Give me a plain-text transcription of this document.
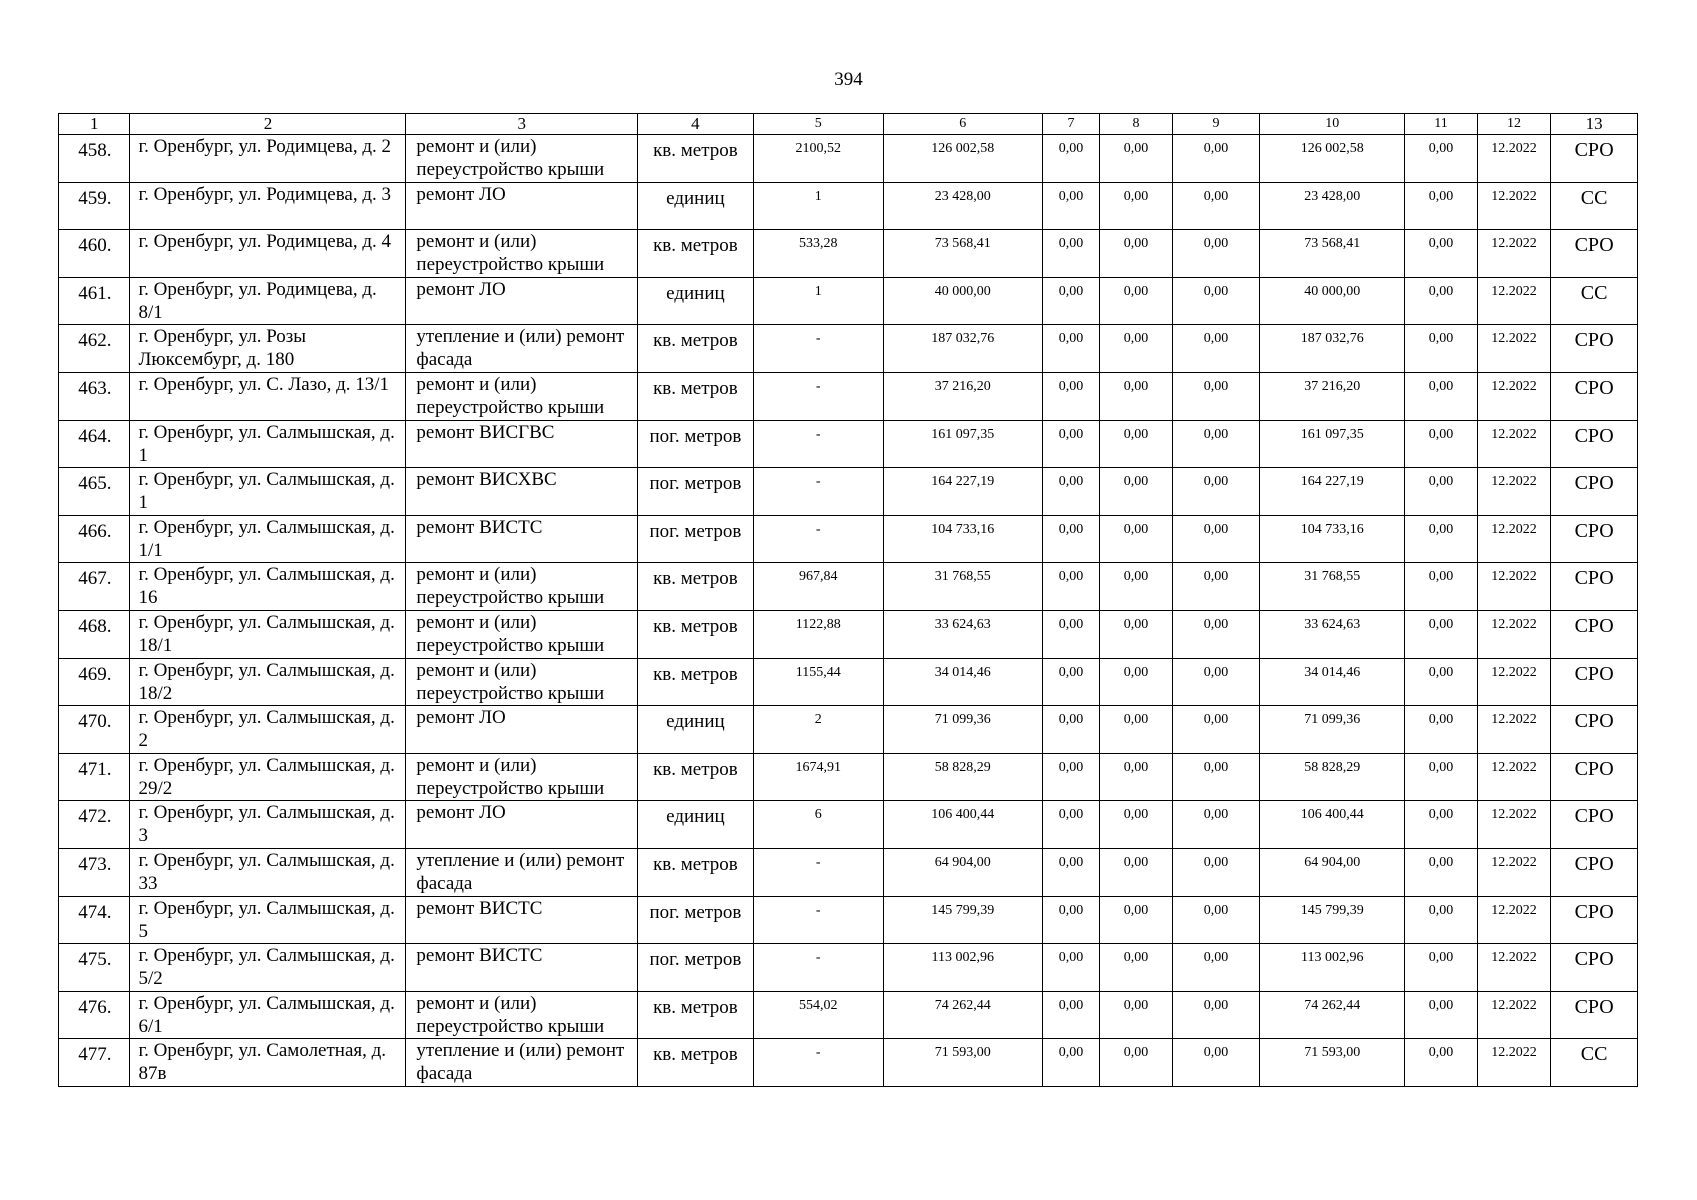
394
1	2	3	4	5	6	7	8	9	10	11	12	13
458.	г. Оренбург, ул. Родимцева, д. 2	ремонт и (или) переустройство крыши	кв. метров	2100,52	126 002,58	0,00	0,00	0,00	126 002,58	0,00	12.2022	СРО
459.	г. Оренбург, ул. Родимцева, д. 3	ремонт ЛО	единиц	1	23 428,00	0,00	0,00	0,00	23 428,00	0,00	12.2022	СС
460.	г. Оренбург, ул. Родимцева, д. 4	ремонт и (или) переустройство крыши	кв. метров	533,28	73 568,41	0,00	0,00	0,00	73 568,41	0,00	12.2022	СРО
461.	г. Оренбург, ул. Родимцева, д. 8/1	ремонт ЛО	единиц	1	40 000,00	0,00	0,00	0,00	40 000,00	0,00	12.2022	СС
462.	г. Оренбург, ул. Розы Люксембург, д. 180	утепление и (или) ремонт фасада	кв. метров	-	187 032,76	0,00	0,00	0,00	187 032,76	0,00	12.2022	СРО
463.	г. Оренбург, ул. С. Лазо, д. 13/1	ремонт и (или) переустройство крыши	кв. метров	-	37 216,20	0,00	0,00	0,00	37 216,20	0,00	12.2022	СРО
464.	г. Оренбург, ул. Салмышская, д. 1	ремонт ВИСГВС	пог. метров	-	161 097,35	0,00	0,00	0,00	161 097,35	0,00	12.2022	СРО
465.	г. Оренбург, ул. Салмышская, д. 1	ремонт ВИСХВС	пог. метров	-	164 227,19	0,00	0,00	0,00	164 227,19	0,00	12.2022	СРО
466.	г. Оренбург, ул. Салмышская, д. 1/1	ремонт ВИСТС	пог. метров	-	104 733,16	0,00	0,00	0,00	104 733,16	0,00	12.2022	СРО
467.	г. Оренбург, ул. Салмышская, д. 16	ремонт и (или) переустройство крыши	кв. метров	967,84	31 768,55	0,00	0,00	0,00	31 768,55	0,00	12.2022	СРО
468.	г. Оренбург, ул. Салмышская, д. 18/1	ремонт и (или) переустройство крыши	кв. метров	1122,88	33 624,63	0,00	0,00	0,00	33 624,63	0,00	12.2022	СРО
469.	г. Оренбург, ул. Салмышская, д. 18/2	ремонт и (или) переустройство крыши	кв. метров	1155,44	34 014,46	0,00	0,00	0,00	34 014,46	0,00	12.2022	СРО
470.	г. Оренбург, ул. Салмышская, д. 2	ремонт ЛО	единиц	2	71 099,36	0,00	0,00	0,00	71 099,36	0,00	12.2022	СРО
471.	г. Оренбург, ул. Салмышская, д. 29/2	ремонт и (или) переустройство крыши	кв. метров	1674,91	58 828,29	0,00	0,00	0,00	58 828,29	0,00	12.2022	СРО
472.	г. Оренбург, ул. Салмышская, д. 3	ремонт ЛО	единиц	6	106 400,44	0,00	0,00	0,00	106 400,44	0,00	12.2022	СРО
473.	г. Оренбург, ул. Салмышская, д. 33	утепление и (или) ремонт фасада	кв. метров	-	64 904,00	0,00	0,00	0,00	64 904,00	0,00	12.2022	СРО
474.	г. Оренбург, ул. Салмышская, д. 5	ремонт ВИСТС	пог. метров	-	145 799,39	0,00	0,00	0,00	145 799,39	0,00	12.2022	СРО
475.	г. Оренбург, ул. Салмышская, д. 5/2	ремонт ВИСТС	пог. метров	-	113 002,96	0,00	0,00	0,00	113 002,96	0,00	12.2022	СРО
476.	г. Оренбург, ул. Салмышская, д. 6/1	ремонт и (или) переустройство крыши	кв. метров	554,02	74 262,44	0,00	0,00	0,00	74 262,44	0,00	12.2022	СРО
477.	г. Оренбург, ул. Самолетная, д. 87в	утепление и (или) ремонт фасада	кв. метров	-	71 593,00	0,00	0,00	0,00	71 593,00	0,00	12.2022	СС
